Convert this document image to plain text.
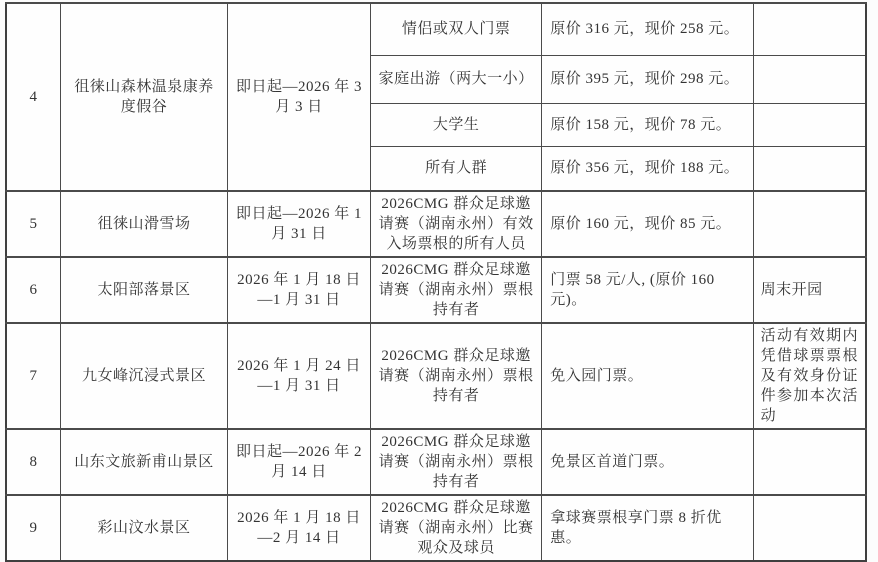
4	徂徕山森林温泉康养度假谷	即日起—2026 年 3 月 3 日	情侣或双人门票	原价 316 元，现价 258 元。	
			家庭出游（两大一小）	原价 395 元，现价 298 元。	
			大学生	原价 158 元，现价 78 元。	
			所有人群	原价 356 元，现价 188 元。	
5	徂徕山滑雪场	即日起—2026 年 1 月 31 日	2026CMG 群众足球邀请赛（湖南永州）有效入场票根的所有人员	原价 160 元，现价 85 元。	
6	太阳部落景区	2026 年 1 月 18 日—1 月 31 日	2026CMG 群众足球邀请赛（湖南永州）票根持有者	门票 58 元/人, (原价 160 元)。	周末开园
7	九女峰沉浸式景区	2026 年 1 月 24 日—1 月 31 日	2026CMG 群众足球邀请赛（湖南永州）票根持有者	免入园门票。	活动有效期内凭借球票票根及有效身份证件参加本次活动
8	山东文旅新甫山景区	即日起—2026 年 2 月 14 日	2026CMG 群众足球邀请赛（湖南永州）票根持有者	免景区首道门票。	
9	彩山汶水景区	2026 年 1 月 18 日—2 月 14 日	2026CMG 群众足球邀请赛（湖南永州）比赛观众及球员	拿球赛票根享门票 8 折优惠。	
